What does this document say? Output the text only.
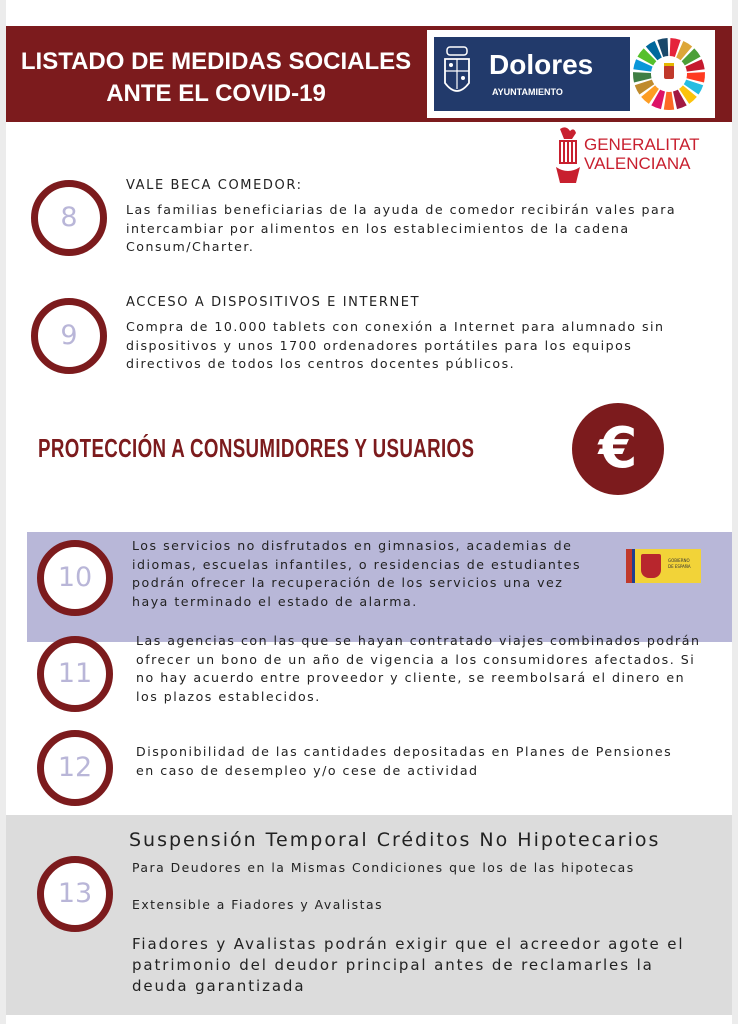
LISTADO DE MEDIDAS SOCIALES
ANTE EL COVID-19
Dolores
AYUNTAMIENTO
GENERALITAT
VALENCIANA
8
VALE BECA COMEDOR:
Las familias beneficiarias de la ayuda de comedor recibirán vales para
intercambiar por alimentos en los establecimientos de la cadena
Consum/Charter.
9
ACCESO A DISPOSITIVOS E INTERNET
Compra de 10.000 tablets con conexión a Internet para alumnado sin
dispositivos y unos 1700 ordenadores portátiles para los equipos
directivos de todos los centros docentes públicos.
PROTECCIÓN A CONSUMIDORES Y USUARIOS	€
10
Los servicios no disfrutados en gimnasios, academias de
idiomas, escuelas infantiles, o residencias de estudiantes
podrán ofrecer la recuperación de los servicios una vez
haya terminado el estado de alarma.
GOBIERNO
DE ESPAÑA
11
Las agencias con las que se hayan contratado viajes combinados podrán
ofrecer un bono de un año de vigencia a los consumidores afectados. Si
no hay acuerdo entre proveedor y cliente, se reembolsará el dinero en
los plazos establecidos.
12
Disponibilidad de las cantidades depositadas en Planes de Pensiones
en caso de desempleo y/o cese de actividad
Suspensión Temporal Créditos No Hipotecarios
13
Para Deudores en la Mismas Condiciones que los de las hipotecas
Extensible a Fiadores y Avalistas
Fiadores y Avalistas podrán exigir que el acreedor agote el
patrimonio del deudor principal antes de reclamarles la
deuda garantizada
